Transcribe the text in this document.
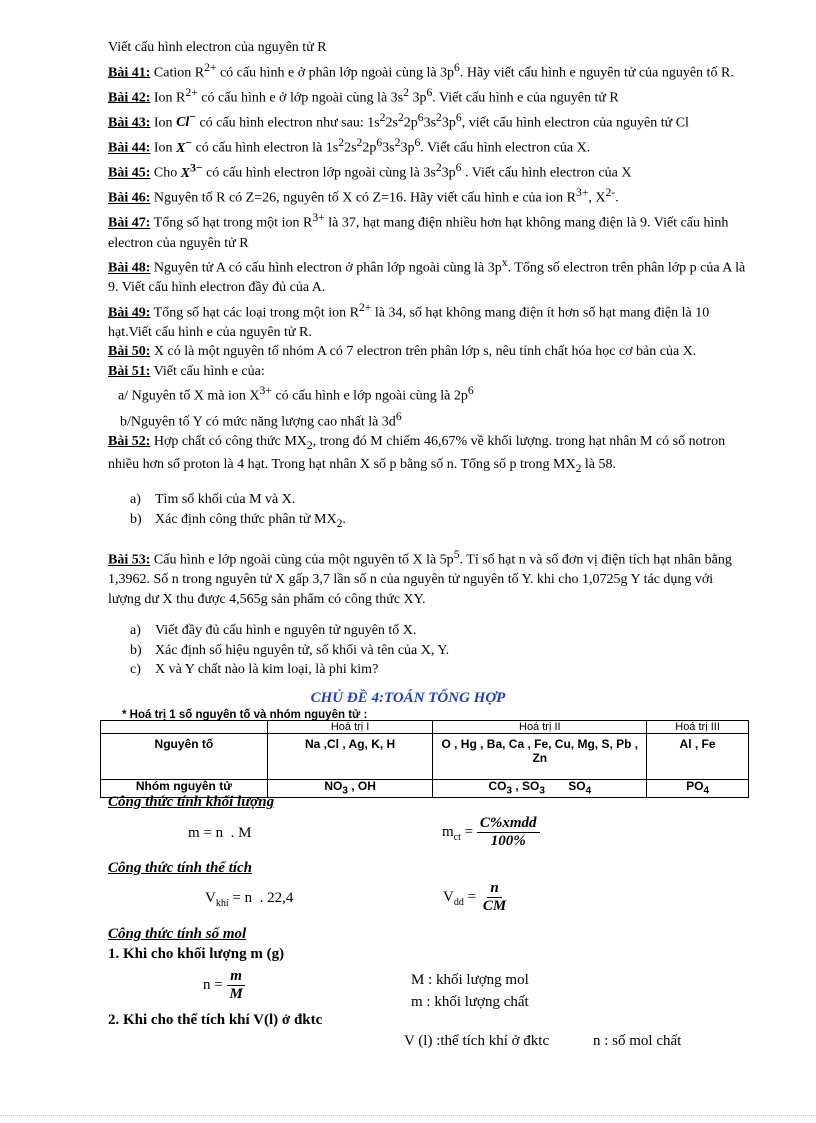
Viết cấu hình electron của nguyên tử R

Bài 41: Cation $R^{2+}$ có cấu hình e ở phân lớp ngoài cùng là $3p^6$. Hãy viết cấu hình e nguyên tử của nguyên tố R.

Bài 42: Ion $R^{2+}$ có cấu hình e ở lớp ngoài cùng là $3s^2$ $3p^6$. Viết cấu hình e của nguyên tử R

Bài 43: Ion Cl− có cấu hình electron như sau: $1s^22s^22p^63s^23p^6$, viết cấu hình electron của nguyên tử Cl

Bài 44: Ion X− có cấu hình electron là $1s^22s^22p^63s^23p^6$. Viết cấu hình electron của X.

Bài 45: Cho $X^{3-}$ có cấu hình electron lớp ngoài cùng là $3s^23p^6$ . Viết cấu hình electron của X

Bài 46: Nguyên tố R có Z=26, nguyên tố X có Z=16. Hãy viết cấu hình e của ion $R^{3+}$, $X^{2-}$.

Bài 47: Tổng số hạt trong một ion $R^{3+}$ là 37, hạt mang điện nhiều hơn hạt không mang điện là 9. Viết cấu hình electron của nguyên tử R

Bài 48: Nguyên tử A có cấu hình electron ở phân lớp ngoài cùng là $3p^x$. Tổng số electron trên phân lớp p của A là 9. Viết cấu hình electron đầy đủ của A.

Bài 49: Tổng số hạt các loại trong một ion $R^{2+}$ là 34, số hạt không mang điện ít hơn số hạt mang điện là 10 hạt.Viết cấu hình e của nguyên tử R.

Bài 50: X có là một nguyên tố nhóm A có 7 electron trên phân lớp s, nêu tính chất hóa học cơ bản của X.

Bài 51: Viết cấu hình e của:

a/ Nguyên tố X mà ion $X^{3+}$ có cấu hình e lớp ngoài cùng là $2p^6$

b/Nguyên tố Y có mức năng lượng cao nhất là $3d^6$

Bài 52: Hợp chất có công thức $MX_2$, trong đó M chiếm 46,67% về khối lượng. trong hạt nhân M có số notron nhiều hơn số proton là 4 hạt. Trong hạt nhân X số p bằng số n. Tổng số p trong $MX_2$ là 58.

a) Tìm số khối của M và X.
b) Xác định công thức phân tử $MX_2$.

Bài 53: Cấu hình e lớp ngoài cùng của một nguyên tố X là $5p^5$. Tỉ số hạt n và số đơn vị điện tích hạt nhân bằng 1,3962. Số n trong nguyên tử X gấp 3,7 lần số n của nguyên tử nguyên tố Y. khi cho 1,0725g Y tác dụng với lượng dư X thu được 4,565g sản phẩm có công thức XY.

a) Viết đầy đủ cấu hình e nguyên tử nguyên tố X.
b) Xác định số hiệu nguyên tử, số khối và tên của X, Y.
c) X và Y chất nào là kim loại, là phi kim?
CHỦ ĐỀ 4:TOÁN TỔNG HỢP
* Hoá trị 1 số nguyên tố và nhóm nguyên tử :
	Hoá trị I	Hoá trị II	Hoá trị III
Nguyên tố	Na ,Cl , Ag, K, H	O , Hg , Ba, Ca , Fe, Cu, Mg, S, Pb , Zn	Al , Fe
Nhóm nguyên tử	$NO_3$ , OH	$CO_3$ , $SO_3$       $SO_4$	$PO_4$
Công thức tính khối lượng
m = n  . M	$m_{ct} = \frac{\text{C\%xmdd}}{100\%}$
Công thức tính thể tích
$V_{khí} = n$  . 22,4	$V_{dd} = \frac{n}{CM}$
Công thức tính số mol
1. Khi cho khối lượng m (g)
$n = \frac{m}{M}$	M : khối lượng mol
m : khối lượng chất
2. Khi cho thể tích khí V(l) ở đktc
V (l) :thể tích khí ở đktc	n : số mol chất
